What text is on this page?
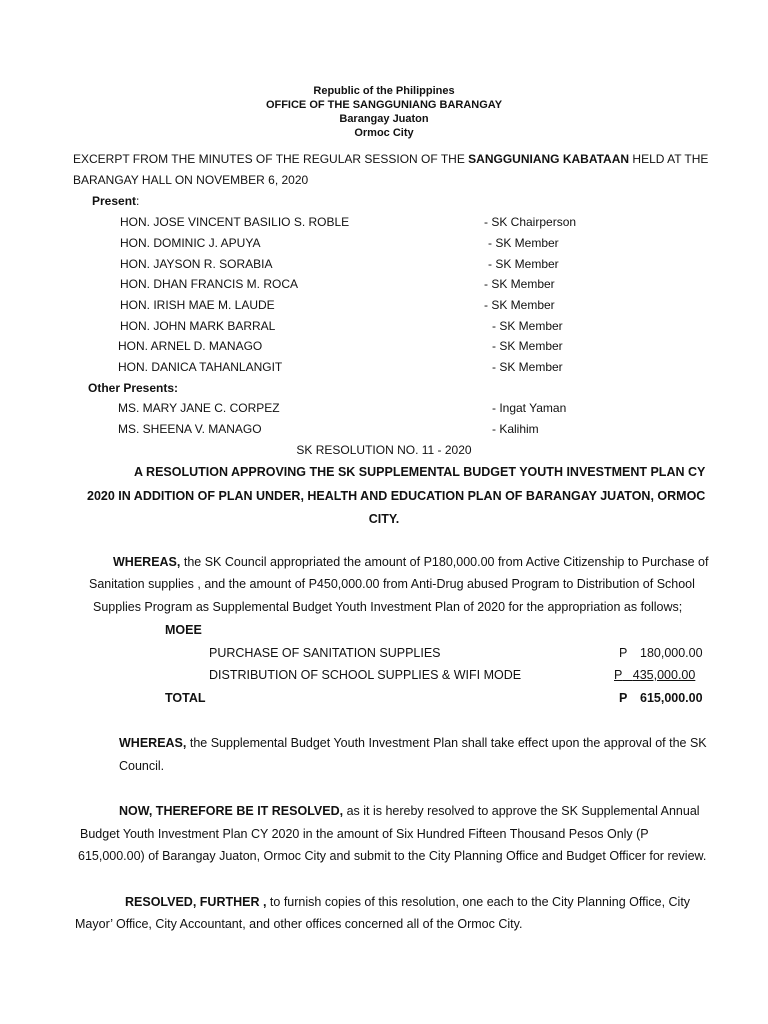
Republic of the Philippines
OFFICE OF THE SANGGUNIANG BARANGAY
Barangay Juaton
Ormoc City
EXCERPT FROM THE MINUTES OF THE REGULAR SESSION OF THE SANGGUNIANG KABATAAN HELD AT THE
BARANGAY HALL ON NOVEMBER 6, 2020
Present:
HON. JOSE VINCENT BASILIO S. ROBLE	- SK Chairperson
HON. DOMINIC J. APUYA	- SK Member
HON. JAYSON R. SORABIA	- SK Member
HON. DHAN FRANCIS M. ROCA	- SK Member
HON. IRISH MAE M. LAUDE	- SK Member
HON. JOHN MARK BARRAL	- SK Member
HON. ARNEL D. MANAGO	- SK Member
HON. DANICA TAHANLANGIT	- SK Member
Other Presents:
MS. MARY JANE C. CORPEZ	- Ingat Yaman
MS. SHEENA V. MANAGO	- Kalihim
SK RESOLUTION NO. 11 - 2020
A RESOLUTION APPROVING THE SK SUPPLEMENTAL BUDGET YOUTH INVESTMENT PLAN CY
2020 IN ADDITION OF PLAN UNDER, HEALTH AND EDUCATION PLAN OF BARANGAY JUATON, ORMOC
CITY.
WHEREAS, the SK Council appropriated the amount of P180,000.00 from Active Citizenship to Purchase of
Sanitation supplies , and the amount of P450,000.00 from Anti-Drug abused Program to Distribution of School
Supplies Program as Supplemental Budget Youth Investment Plan of 2020 for the appropriation as follows;
MOEE
PURCHASE OF SANITATION SUPPLIES	P 180,000.00
DISTRIBUTION OF SCHOOL SUPPLIES & WIFI MODE	P 435,000.00
TOTAL	P 615,000.00
WHEREAS, the Supplemental Budget Youth Investment Plan shall take effect upon the approval of the SK
Council.
NOW, THEREFORE BE IT RESOLVED, as it is hereby resolved to approve the SK Supplemental Annual
Budget Youth Investment Plan CY 2020 in the amount of Six Hundred Fifteen Thousand Pesos Only (P
615,000.00) of Barangay Juaton, Ormoc City and submit to the City Planning Office and Budget Officer for review.
RESOLVED, FURTHER , to furnish copies of this resolution, one each to the City Planning Office, City
Mayor’ Office, City Accountant, and other offices concerned all of the Ormoc City.
